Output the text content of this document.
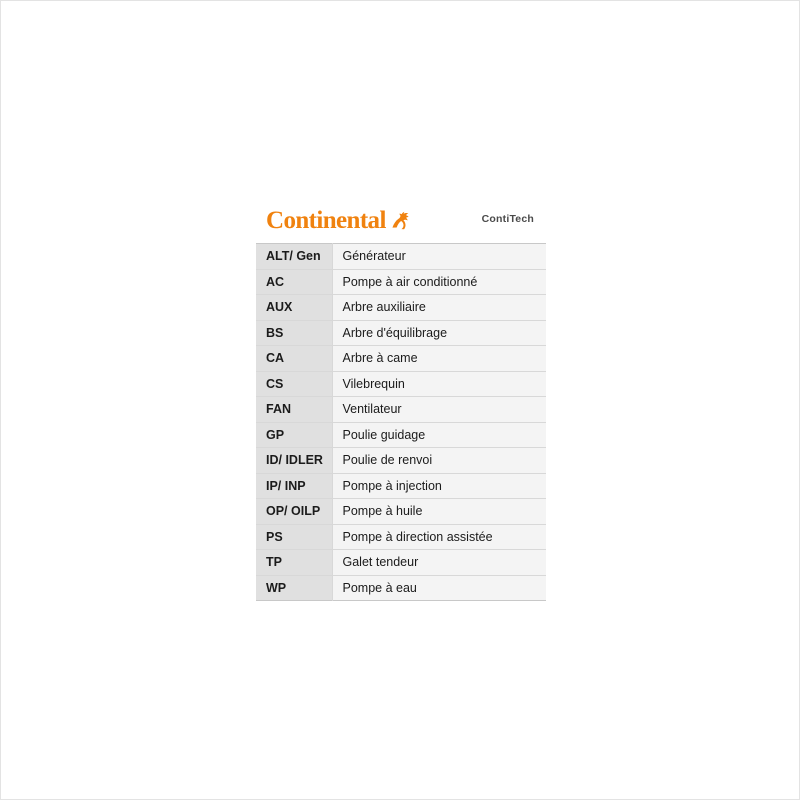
Continental	ContiTech
ALT/ Gen	Générateur
AC	Pompe à air conditionné
AUX	Arbre auxiliaire
BS	Arbre d'équilibrage
CA	Arbre à came
CS	Vilebrequin
FAN	Ventilateur
GP	Poulie guidage
ID/ IDLER	Poulie de renvoi
IP/ INP	Pompe à injection
OP/ OILP	Pompe à huile
PS	Pompe à direction assistée
TP	Galet tendeur
WP	Pompe à eau
